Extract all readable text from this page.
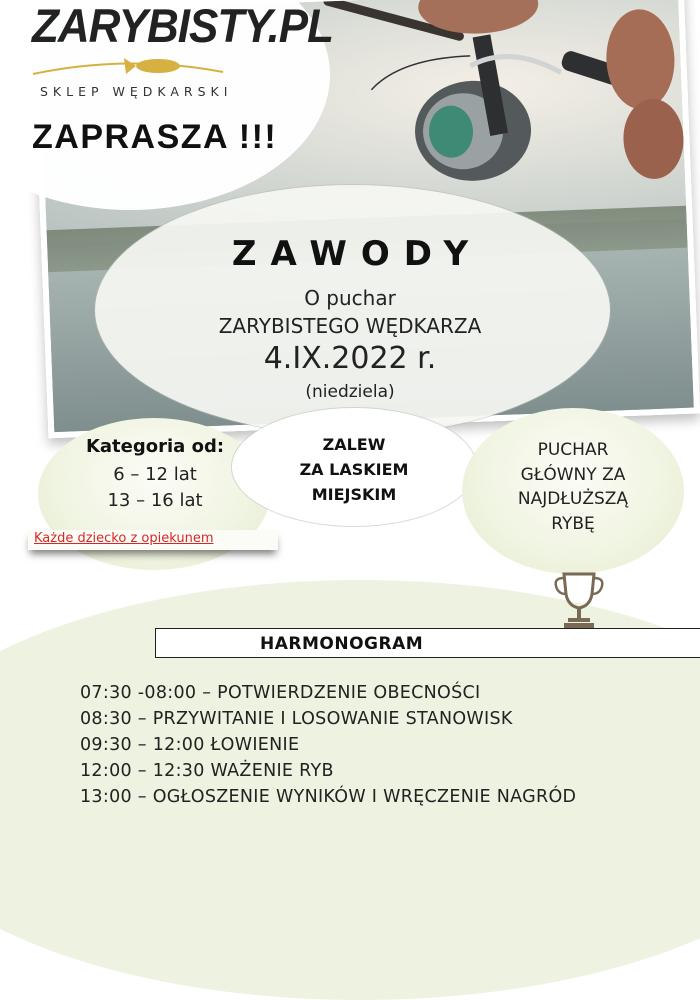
ZARYBISTY.PL
SKLEP WĘDKARSKI
ZAPRASZA !!!
ZAWODY
O puchar
ZARYBISTEGO WĘDKARZA
4.IX.2022 r.
(niedziela)
Kategoria od:
6 – 12 lat
13 – 16 lat
ZALEW
ZA LASKIEM
MIEJSKIM
PUCHAR
GŁÓWNY ZA
NAJDŁUŻSZĄ
RYBĘ
Każde dziecko z opiekunem
HARMONOGRAM
07:30 -08:00 – POTWIERDZENIE OBECNOŚCI
08:30 – PRZYWITANIE I LOSOWANIE STANOWISK
09:30 – 12:00 ŁOWIENIE
12:00 – 12:30 WAŻENIE RYB
13:00 – OGŁOSZENIE WYNIKÓW I WRĘCZENIE NAGRÓD
